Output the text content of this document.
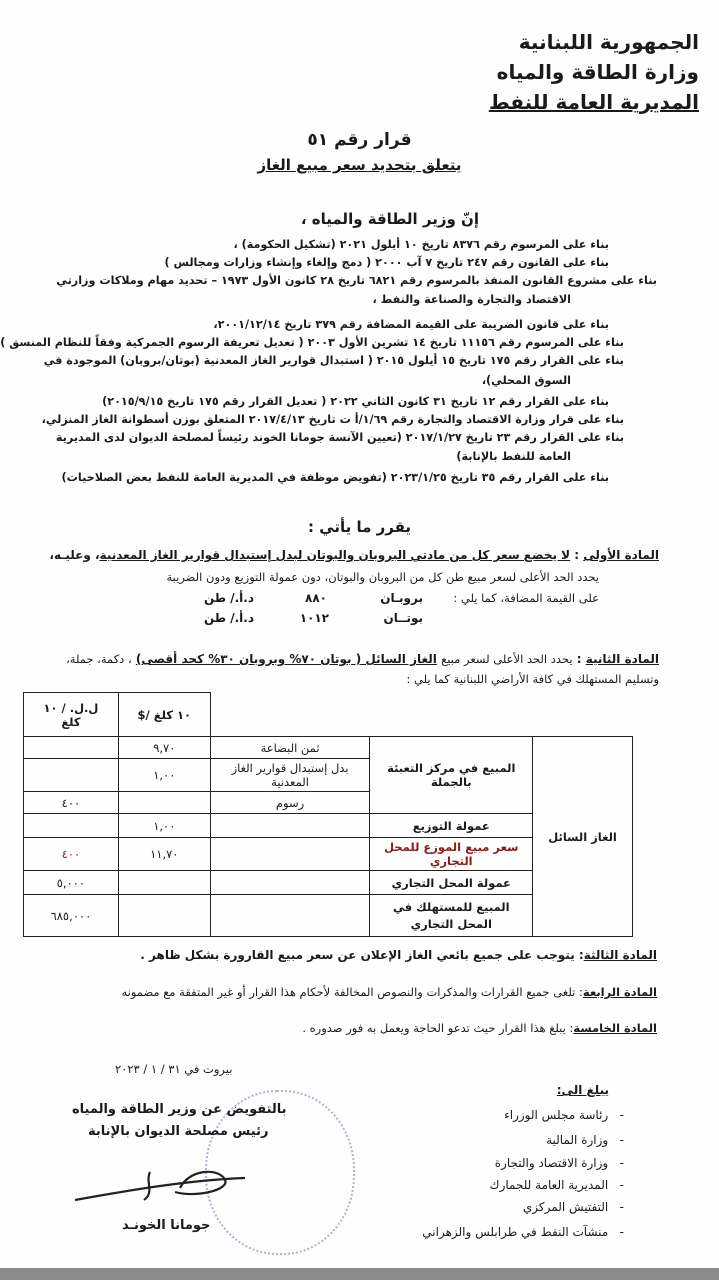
الجمهورية اللبنانية
وزارة الطاقة والمياه
المديرية العامة للنفط
قرار رقم ٥١
يتعلق بتحديد سعر مبيع الغاز
إنّ وزير الطاقة والمياه ،
بناء على المرسوم رقم ٨٣٧٦ تاريخ ١٠ أيلول ٢٠٢١ (تشكيل الحكومة) ،
بناء على القانون رقم ٢٤٧ تاريخ ٧ آب ٢٠٠٠ ( دمج وإلغاء وإنشاء وزارات ومجالس )
بناء على مشروع القانون المنفذ بالمرسوم رقم ٦٨٢١ تاريخ ٢٨ كانون الأول ١٩٧٣ – تحديد مهام وملاكات وزارتي
الاقتصاد والتجارة والصناعة والنفط ،
بناء على قانون الضريبة على القيمة المضافة رقم ٣٧٩ تاريخ ٢٠٠١/١٢/١٤،
بناء على المرسوم رقم ١١١٥٦ تاريخ ١٤ تشرين الأول ٢٠٠٣ ( تعديل تعريفة الرسوم الجمركية وفقاً للنظام المنسق )
بناء على القرار رقم ١٧٥ تاريخ ١٥ أيلول ٢٠١٥ ( استبدال قوارير الغاز المعدنية (بوتان/بروبان) الموجودة في
السوق المحلي)،
بناء على القرار رقم ١٢ تاريخ ٣١ كانون الثاني ٢٠٢٢ ( تعديل القرار رقم ١٧٥ تاريخ ٢٠١٥/٩/١٥)
بناء على قرار وزارة الاقتصاد والتجارة رقم ١/٦٩/أ ت تاريخ ٢٠١٧/٤/١٣ المتعلق بوزن أسطوانة الغاز المنزلي،
بناء على القرار رقم ٢٣ تاريخ ٢٠١٧/١/٢٧ (تعيين الآنسة جومانا الخوند رئيساً لمصلحة الديوان لدى المديرية
العامة للنفط بالإنابة)
بناء على القرار رقم ٣٥ تاريخ ٢٠٢٣/١/٢٥ (تفويض موظفة في المديرية العامة للنفط بعض الصلاحيات)
يقرر ما يأتي :
المادة الأولى : لا يخضع سعر كل من مادتي البروبان والبوتان لبدل إستبدال قوارير الغاز المعدنية، وعليـه،
يحدد الحد الأعلى لسعر مبيع طن كل من البروبان والبوتان، دون عمولة التوزيع ودون الضريبة
على القيمة المضافة، كما يلي :
بروبـان
٨٨٠
د.أ./ طن
بوتــان
١٠١٢
د.أ./ طن
المادة الثانية : يحدد الحد الأعلى لسعر مبيع الغاز السائل ( بوتان ٧٠% وبروبان ٣٠% كحد أقصى) ، دكمة، جملة،
وتسليم المستهلك في كافة الأراضي اللبنانية كما يلي :
ل.ل. / ١٠
كلغ	$/ ١٠ كلغ			
	٩,٧٠	ثمن البضاعة	المبيع في مركز التعبئة بالجملة	الغاز السائل
	١,٠٠	بدل إستبدال قوارير الغاز المعدنية		
٤٠٠		رسوم		
	١,٠٠		عمولة التوزيع	
٤٠٠	١١,٧٠		سعر مبيع الموزع للمحل التجاري	
٥,٠٠٠			عمولة المحل التجاري	
٦٨٥,٠٠٠			المبيع للمستهلك في المحل التجاري	
المادة الثالثة: يتوجب على جميع بائعي الغاز الإعلان عن سعر مبيع القارورة بشكل ظاهر .
المادة الرابعة: تلغى جميع القرارات والمذكرات والنصوص المخالفة لأحكام هذا القرار أو غير المتفقة مع مضمونه
المادة الخامسة: يبلغ هذا القرار حيث تدعو الحاجة ويعمل به فور صدوره .
بيروت في ٣١ / ١ / ٢٠٢٣
بالتفويض عن وزير الطاقة والمياه
رئيس مصلحة الديوان بالإنابة
جومانا الخونـد
يبلغ الى:
-   رئاسة مجلس الوزراء
-   وزارة المالية
-   وزارة الاقتصاد والتجارة
-   المديرية العامة للجمارك
-   التفتيش المركزي
-   منشآت النفط في طرابلس والزهراني
